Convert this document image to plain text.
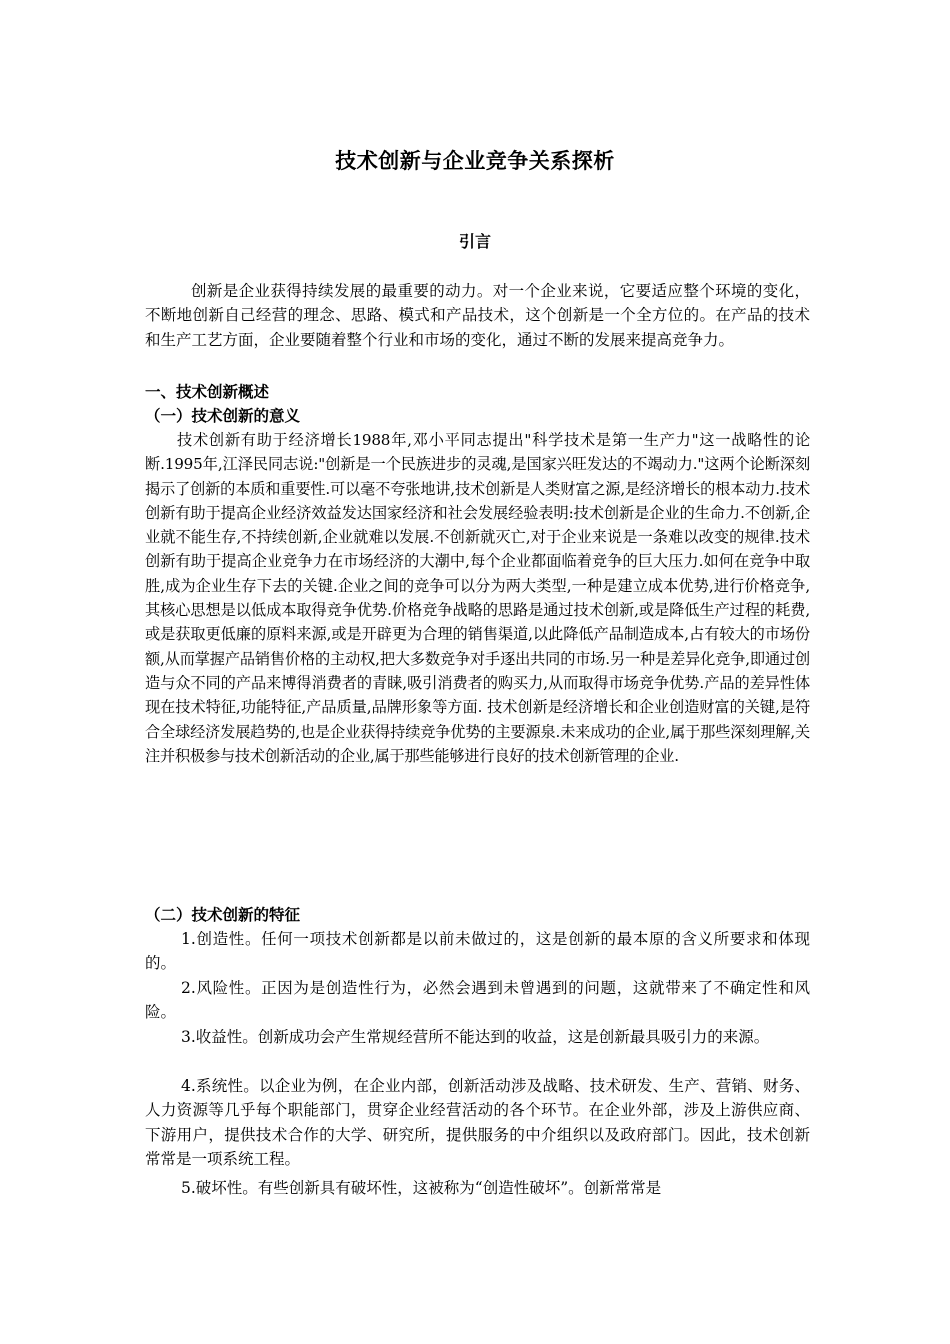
技术创新与企业竞争关系探析
引言

创新是企业获得持续发展的最重要的动力。对一个企业来说，它要适应整个环境的变化，不断地创新自己经营的理念、思路、模式和产品技术，这个创新是一个全方位的。在产品的技术和生产工艺方面，企业要随着整个行业和市场的变化，通过不断的发展来提高竞争力。

一、技术创新概述
（一）技术创新的意义

技术创新有助于经济增长1988年,邓小平同志提出"科学技术是第一生产力"这一战略性的论断.1995年,江泽民同志说:"创新是一个民族进步的灵魂,是国家兴旺发达的不竭动力."这两个论断深刻揭示了创新的本质和重要性.可以毫不夸张地讲,技术创新是人类财富之源,是经济增长的根本动力.技术创新有助于提高企业经济效益发达国家经济和社会发展经验表明:技术创新是企业的生命力.不创新,企业就不能生存,不持续创新,企业就难以发展.不创新就灭亡,对于企业来说是一条难以改变的规律.技术创新有助于提高企业竞争力在市场经济的大潮中,每个企业都面临着竞争的巨大压力.如何在竞争中取胜,成为企业生存下去的关键.企业之间的竞争可以分为两大类型,一种是建立成本优势,进行价格竞争,其核心思想是以低成本取得竞争优势.价格竞争战略的思路是通过技术创新,或是降低生产过程的耗费,或是获取更低廉的原料来源,或是开辟更为合理的销售渠道,以此降低产品制造成本,占有较大的市场份额,从而掌握产品销售价格的主动权,把大多数竞争对手逐出共同的市场.另一种是差异化竞争,即通过创造与众不同的产品来博得消费者的青睐,吸引消费者的购买力,从而取得市场竞争优势.产品的差异性体现在技术特征,功能特征,产品质量,品牌形象等方面. 技术创新是经济增长和企业创造财富的关键,是符合全球经济发展趋势的,也是企业获得持续竞争优势的主要源泉.未来成功的企业,属于那些深刻理解,关注并积极参与技术创新活动的企业,属于那些能够进行良好的技术创新管理的企业.

（二）技术创新的特征

1.创造性。任何一项技术创新都是以前未做过的，这是创新的最本原的含义所要求和体现的。

2.风险性。正因为是创造性行为，必然会遇到未曾遇到的问题，这就带来了不确定性和风险。

3.收益性。创新成功会产生常规经营所不能达到的收益，这是创新最具吸引力的来源。

4.系统性。以企业为例，在企业内部，创新活动涉及战略、技术研发、生产、营销、财务、人力资源等几乎每个职能部门，贯穿企业经营活动的各个环节。在企业外部，涉及上游供应商、下游用户，提供技术合作的大学、研究所，提供服务的中介组织以及政府部门。因此，技术创新常常是一项系统工程。

5.破坏性。有些创新具有破坏性，这被称为“创造性破坏”。创新常常是
